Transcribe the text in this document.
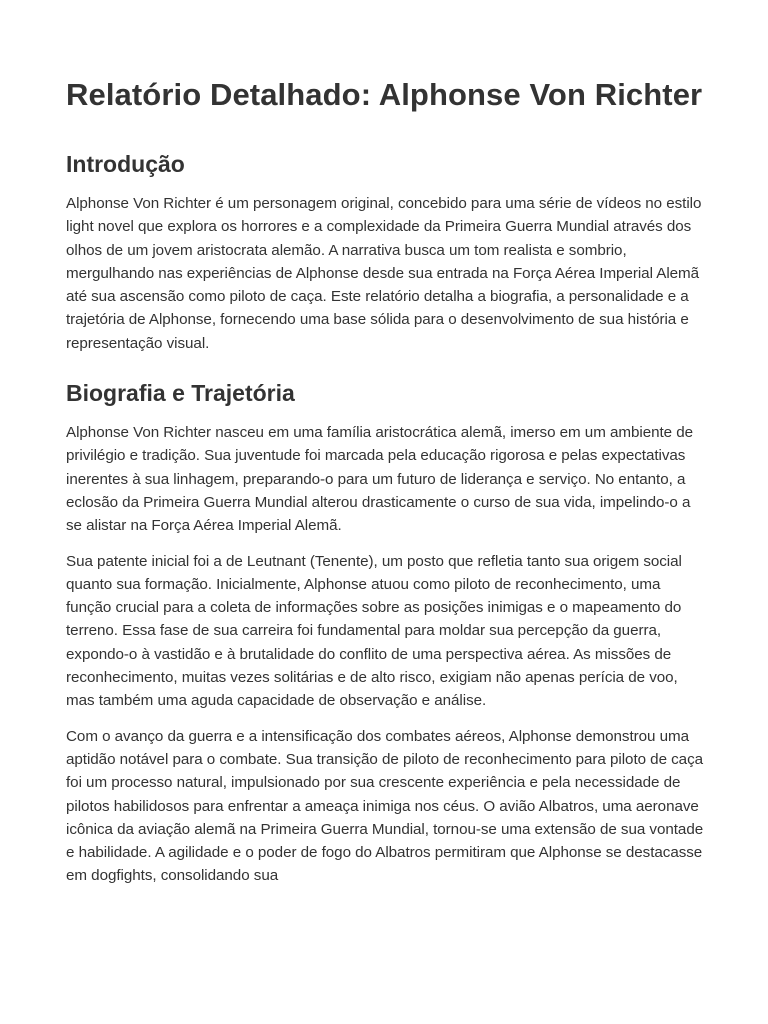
Relatório Detalhado: Alphonse Von Richter
Introdução

Alphonse Von Richter é um personagem original, concebido para uma série de vídeos no estilo light novel que explora os horrores e a complexidade da Primeira Guerra Mundial através dos olhos de um jovem aristocrata alemão. A narrativa busca um tom realista e sombrio, mergulhando nas experiências de Alphonse desde sua entrada na Força Aérea Imperial Alemã até sua ascensão como piloto de caça. Este relatório detalha a biografia, a personalidade e a trajetória de Alphonse, fornecendo uma base sólida para o desenvolvimento de sua história e representação visual.

Biografia e Trajetória

Alphonse Von Richter nasceu em uma família aristocrática alemã, imerso em um ambiente de privilégio e tradição. Sua juventude foi marcada pela educação rigorosa e pelas expectativas inerentes à sua linhagem, preparando-o para um futuro de liderança e serviço. No entanto, a eclosão da Primeira Guerra Mundial alterou drasticamente o curso de sua vida, impelindo-o a se alistar na Força Aérea Imperial Alemã.

Sua patente inicial foi a de Leutnant (Tenente), um posto que refletia tanto sua origem social quanto sua formação. Inicialmente, Alphonse atuou como piloto de reconhecimento, uma função crucial para a coleta de informações sobre as posições inimigas e o mapeamento do terreno. Essa fase de sua carreira foi fundamental para moldar sua percepção da guerra, expondo-o à vastidão e à brutalidade do conflito de uma perspectiva aérea. As missões de reconhecimento, muitas vezes solitárias e de alto risco, exigiam não apenas perícia de voo, mas também uma aguda capacidade de observação e análise.

Com o avanço da guerra e a intensificação dos combates aéreos, Alphonse demonstrou uma aptidão notável para o combate. Sua transição de piloto de reconhecimento para piloto de caça foi um processo natural, impulsionado por sua crescente experiência e pela necessidade de pilotos habilidosos para enfrentar a ameaça inimiga nos céus. O avião Albatros, uma aeronave icônica da aviação alemã na Primeira Guerra Mundial, tornou-se uma extensão de sua vontade e habilidade. A agilidade e o poder de fogo do Albatros permitiram que Alphonse se destacasse em dogfights, consolidando sua
